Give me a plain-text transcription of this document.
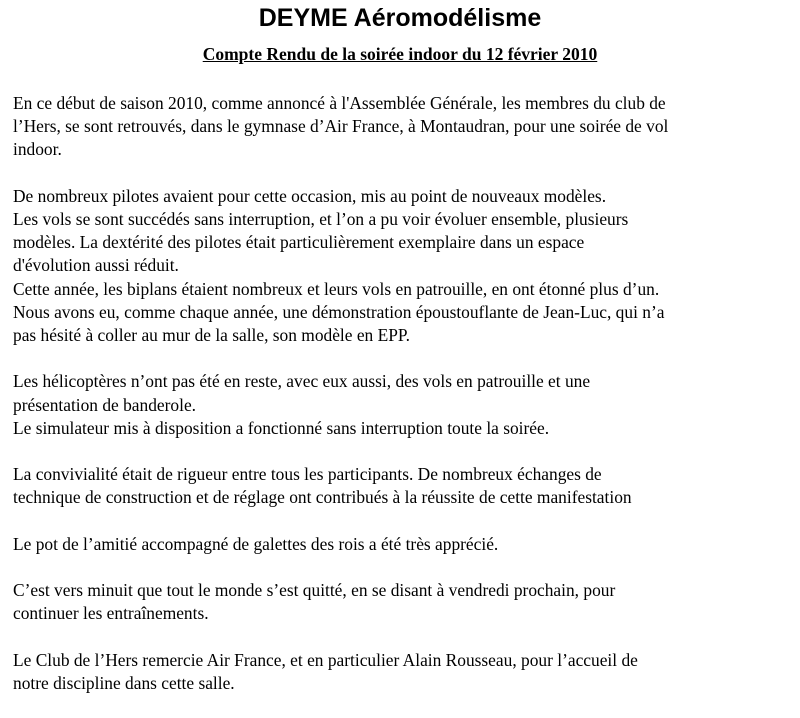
DEYME Aéromodélisme
Compte Rendu de la soirée indoor du 12 février 2010

En ce début de saison 2010, comme annoncé à l'Assemblée Générale, les membres du club de
l’Hers, se sont retrouvés, dans le gymnase d’Air France, à Montaudran, pour une soirée de vol
indoor.

De nombreux pilotes avaient pour cette occasion, mis au point de nouveaux modèles.
Les vols se sont succédés sans interruption, et l’on a pu voir évoluer ensemble, plusieurs
modèles. La dextérité des pilotes était particulièrement exemplaire dans un espace
d'évolution aussi réduit.
Cette année, les biplans étaient nombreux et leurs vols en patrouille, en ont étonné plus d’un.
Nous avons eu, comme chaque année, une démonstration époustouflante de Jean-Luc, qui n’a
pas hésité à coller au mur de la salle, son modèle en EPP.

Les hélicoptères n’ont pas été en reste, avec eux aussi, des vols en patrouille et une
présentation de banderole.
Le simulateur mis à disposition a fonctionné sans interruption toute la soirée.

La convivialité était de rigueur entre tous les participants. De nombreux échanges de
technique de construction et de réglage ont contribués à la réussite de cette manifestation

Le pot de l’amitié accompagné de galettes des rois a été très apprécié.

C’est vers minuit que tout le monde s’est quitté, en se disant à vendredi prochain, pour
continuer les entraînements.

Le Club de l’Hers remercie Air France, et en particulier Alain Rousseau, pour l’accueil de
notre discipline dans cette salle.
